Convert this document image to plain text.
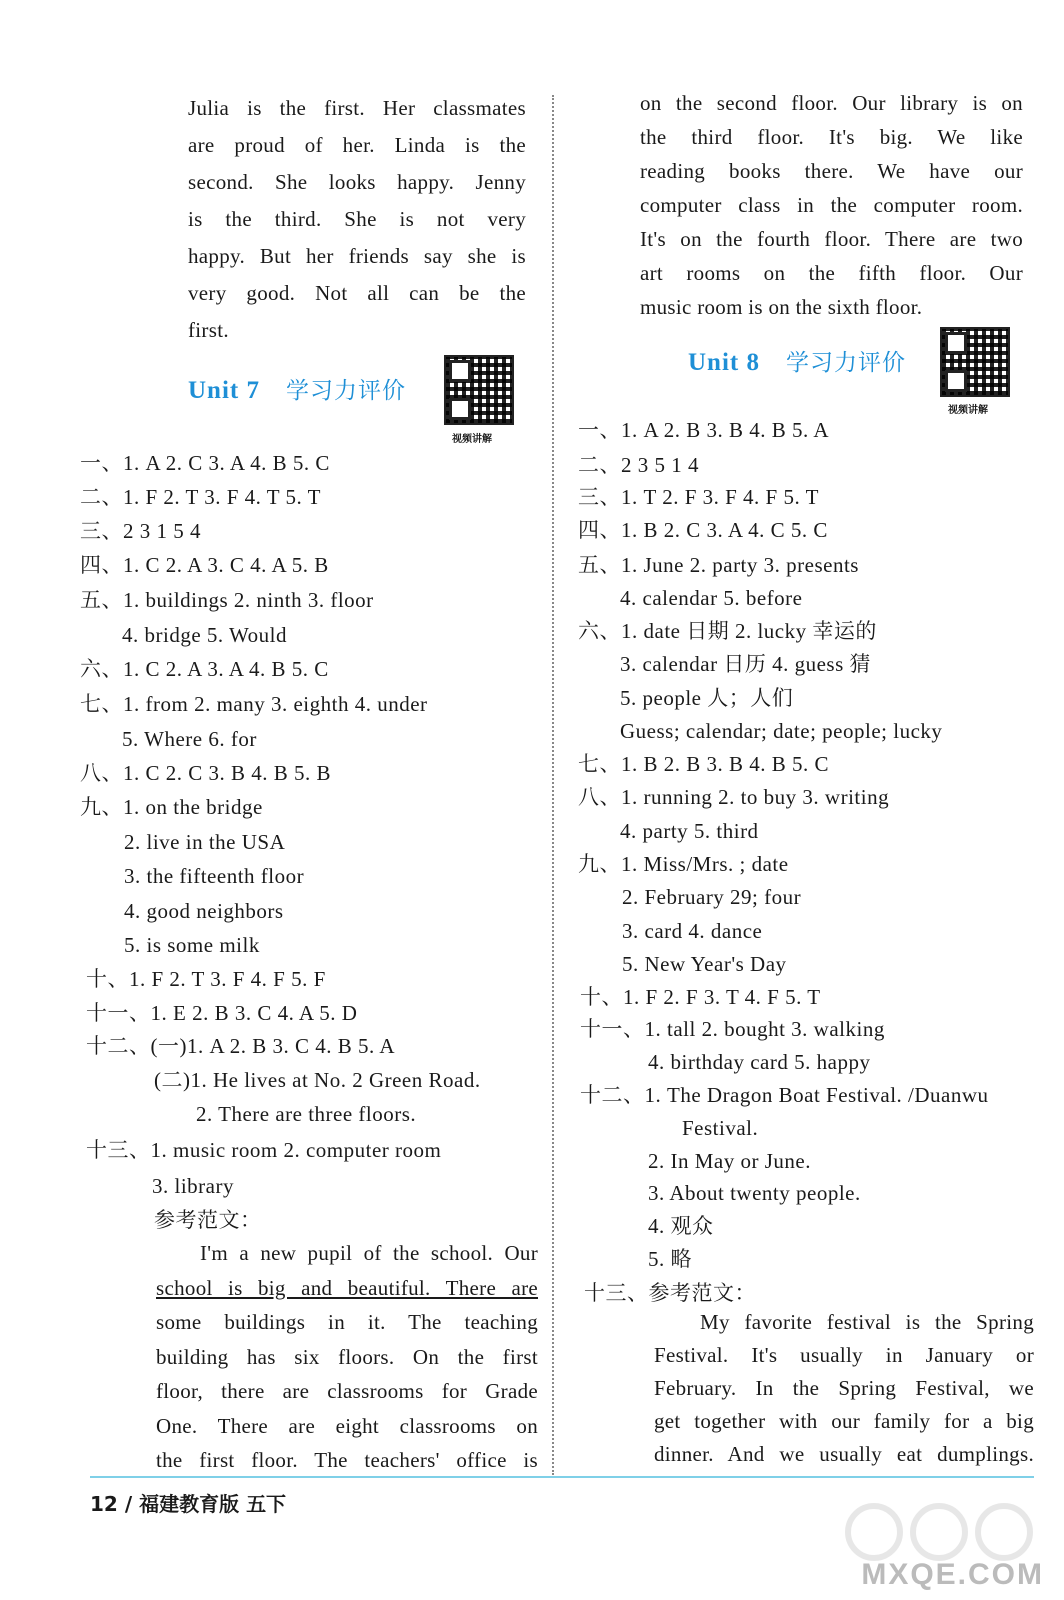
Julia is the first. Her classmates
are proud of her. Linda is the
second. She looks happy. Jenny
is the third. She is not very
happy. But her friends say she is
very good. Not all can be the
first.
Unit 7 学习力评价
视频讲解
一、1. A 2. C 3. A 4. B 5. C
二、1. F 2. T 3. F 4. T 5. T
三、2 3 1 5 4
四、1. C 2. A 3. C 4. A 5. B
五、1. buildings 2. ninth 3. floor
4. bridge 5. Would
六、1. C 2. A 3. A 4. B 5. C
七、1. from 2. many 3. eighth 4. under
5. Where 6. for
八、1. C 2. C 3. B 4. B 5. B
九、1. on the bridge
2. live in the USA
3. the fifteenth floor
4. good neighbors
5. is some milk
十、1. F 2. T 3. F 4. F 5. F
十一、1. E 2. B 3. C 4. A 5. D
十二、(一)1. A 2. B 3. C 4. B 5. A
(二)1. He lives at No. 2 Green Road.
2. There are three floors.
十三、1. music room 2. computer room
3. library
参考范文：
I'm a new pupil of the school. Our
school is big and beautiful. There are
some buildings in it. The teaching
building has six floors. On the first
floor, there are classrooms for Grade
One. There are eight classrooms on
the first floor. The teachers' office is
on the second floor. Our library is on
the third floor. It's big. We like
reading books there. We have our
computer class in the computer room.
It's on the fourth floor. There are two
art rooms on the fifth floor. Our
music room is on the sixth floor.
Unit 8 学习力评价
视频讲解
一、1. A 2. B 3. B 4. B 5. A
二、2 3 5 1 4
三、1. T 2. F 3. F 4. F 5. T
四、1. B 2. C 3. A 4. C 5. C
五、1. June 2. party 3. presents
4. calendar 5. before
六、1. date 日期 2. lucky 幸运的
3. calendar 日历 4. guess 猜
5. people 人；人们
Guess; calendar; date; people; lucky
七、1. B 2. B 3. B 4. B 5. C
八、1. running 2. to buy 3. writing
4. party 5. third
九、1. Miss/Mrs. ; date
2. February 29; four
3. card 4. dance
5. New Year's Day
十、1. F 2. F 3. T 4. F 5. T
十一、1. tall 2. bought 3. walking
4. birthday card 5. happy
十二、1. The Dragon Boat Festival. /Duanwu
Festival.
2. In May or June.
3. About twenty people.
4. 观众
5. 略
十三、参考范文：
My favorite festival is the Spring
Festival. It's usually in January or
February. In the Spring Festival, we
get together with our family for a big
dinner. And we usually eat dumplings.
12 / 福建教育版 五下
MXQE.COM
